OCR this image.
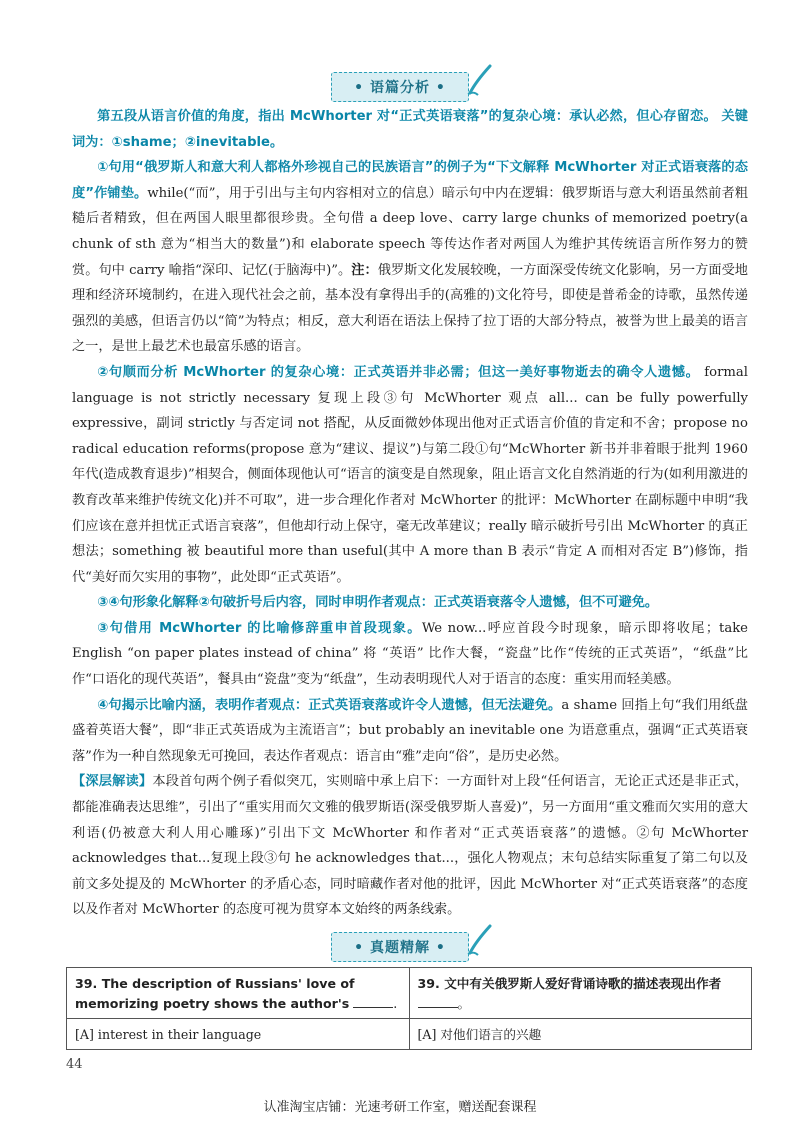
• 语篇分析 •

第五段从语言价值的角度，指出 McWhorter 对“正式英语衰落”的复杂心境：承认必然，但心存留恋。 关键词为：①shame；②inevitable。

①句用“俄罗斯人和意大利人都格外珍视自己的民族语言”的例子为“下文解释 McWhorter 对正式语衰落的态度”作铺垫。while(“而”，用于引出与主句内容相对立的信息）暗示句中内在逻辑：俄罗斯语与意大利语虽然前者粗糙后者精致，但在两国人眼里都很珍贵。全句借 a deep love、carry large chunks of memorized poetry(a chunk of sth 意为“相当大的数量”)和 elaborate speech 等传达作者对两国人为维护其传统语言所作努力的赞赏。句中 carry 喻指“深印、记忆(于脑海中)”。注：俄罗斯文化发展较晚，一方面深受传统文化影响，另一方面受地理和经济环境制约，在进入现代社会之前，基本没有拿得出手的(高雅的)文化符号，即使是普希金的诗歌，虽然传递强烈的美感，但语言仍以“简”为特点；相反，意大利语在语法上保持了拉丁语的大部分特点，被誉为世上最美的语言之一，是世上最艺术也最富乐感的语言。

②句顺而分析 McWhorter 的复杂心境：正式英语并非必需；但这一美好事物逝去的确令人遗憾。 formal language is not strictly necessary 复现上段③句 McWhorter 观点 all... can be fully powerfully expressive，副词 strictly 与否定词 not 搭配，从反面微妙体现出他对正式语言价值的肯定和不舍；propose no radical education reforms(propose 意为“建议、提议”)与第二段①句“McWhorter 新书并非着眼于批判 1960 年代(造成教育退步)”相契合，侧面体现他认可“语言的演变是自然现象，阻止语言文化自然消逝的行为(如利用激进的教育改革来维护传统文化)并不可取”，进一步合理化作者对 McWhorter 的批评：McWhorter 在副标题中申明“我们应该在意并担忧正式语言衰落”，但他却行动上保守，毫无改革建议；really 暗示破折号引出 McWhorter 的真正想法；something 被 beautiful more than useful(其中 A more than B 表示“肯定 A 而相对否定 B”)修饰，指代“美好而欠实用的事物”，此处即“正式英语”。

③④句形象化解释②句破折号后内容，同时申明作者观点：正式英语衰落令人遗憾，但不可避免。

③句借用 McWhorter 的比喻修辞重申首段现象。We now...呼应首段今时现象，暗示即将收尾；take English “on paper plates instead of china” 将 “英语” 比作大餐，“瓷盘”比作“传统的正式英语”，“纸盘”比作“口语化的现代英语”，餐具由“瓷盘”变为“纸盘”，生动表明现代人对于语言的态度：重实用而轻美感。

④句揭示比喻内涵，表明作者观点：正式英语衰落或许令人遗憾，但无法避免。a shame 回指上句“我们用纸盘盛着英语大餐”，即“非正式英语成为主流语言”；but probably an inevitable one 为语意重点，强调“正式英语衰落”作为一种自然现象无可挽回，表达作者观点：语言由“雅”走向“俗”，是历史必然。

【深层解读】本段首句两个例子看似突兀，实则暗中承上启下：一方面针对上段“任何语言，无论正式还是非正式，都能准确表达思维”，引出了“重实用而欠文雅的俄罗斯语(深受俄罗斯人喜爱)”，另一方面用“重文雅而欠实用的意大利语(仍被意大利人用心雕琢)”引出下文 McWhorter 和作者对“正式英语衰落”的遗憾。②句 McWhorter acknowledges that...复现上段③句 he acknowledges that...，强化人物观点；末句总结实际重复了第二句以及前文多处提及的 McWhorter 的矛盾心态，同时暗藏作者对他的批评，因此 McWhorter 对“正式英语衰落”的态度以及作者对 McWhorter 的态度可视为贯穿本文始终的两条线索。

• 真题精解 •
39. The description of Russians' love of memorizing poetry shows the author's .	39. 文中有关俄罗斯人爱好背诵诗歌的描述表现出作者 。
[A] interest in their language	[A] 对他们语言的兴趣
44
认准淘宝店铺：光速考研工作室，赠送配套课程
